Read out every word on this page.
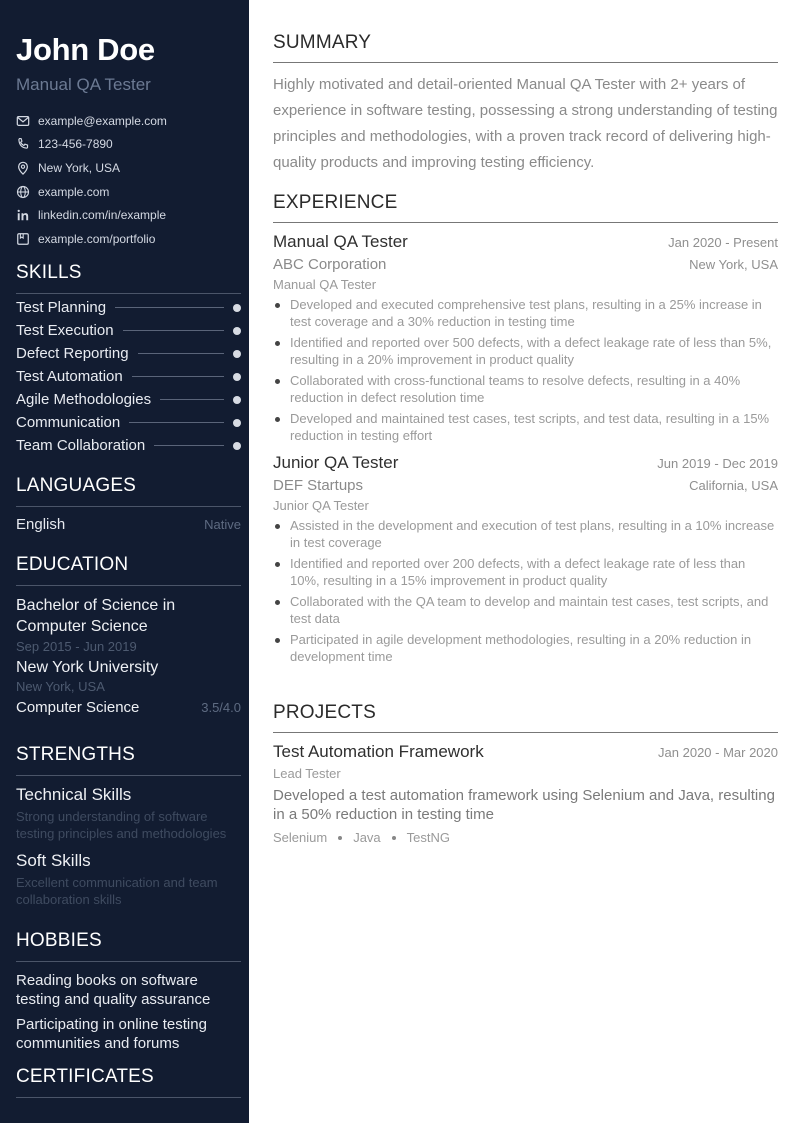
John Doe
Manual QA Tester
example@example.com
123-456-7890
New York, USA
example.com
linkedin.com/in/example
example.com/portfolio
SKILLS
Test Planning
Test Execution
Defect Reporting
Test Automation
Agile Methodologies
Communication
Team Collaboration
LANGUAGES
English	Native
EDUCATION
Bachelor of Science in Computer Science
Sep 2015 - Jun 2019
New York University
New York, USA
Computer Science	3.5/4.0
STRENGTHS
Technical Skills
Strong understanding of software testing principles and methodologies
Soft Skills
Excellent communication and team collaboration skills
HOBBIES
Reading books on software testing and quality assurance
Participating in online testing communities and forums
CERTIFICATES
SUMMARY

Highly motivated and detail-oriented Manual QA Tester with 2+ years of experience in software testing, possessing a strong understanding of testing principles and methodologies, with a proven track record of delivering high-quality products and improving testing efficiency.

EXPERIENCE
Manual QA Tester	Jan 2020 - Present
ABC Corporation	New York, USA
Manual QA Tester
Developed and executed comprehensive test plans, resulting in a 25% increase in test coverage and a 30% reduction in testing time
Identified and reported over 500 defects, with a defect leakage rate of less than 5%, resulting in a 20% improvement in product quality
Collaborated with cross-functional teams to resolve defects, resulting in a 40% reduction in defect resolution time
Developed and maintained test cases, test scripts, and test data, resulting in a 15% reduction in testing effort
Junior QA Tester	Jun 2019 - Dec 2019
DEF Startups	California, USA
Junior QA Tester
Assisted in the development and execution of test plans, resulting in a 10% increase in test coverage
Identified and reported over 200 defects, with a defect leakage rate of less than 10%, resulting in a 15% improvement in product quality
Collaborated with the QA team to develop and maintain test cases, test scripts, and test data
Participated in agile development methodologies, resulting in a 20% reduction in development time
PROJECTS
Test Automation Framework	Jan 2020 - Mar 2020
Lead Tester
Developed a test automation framework using Selenium and Java, resulting in a 50% reduction in testing time
Selenium Java TestNG
